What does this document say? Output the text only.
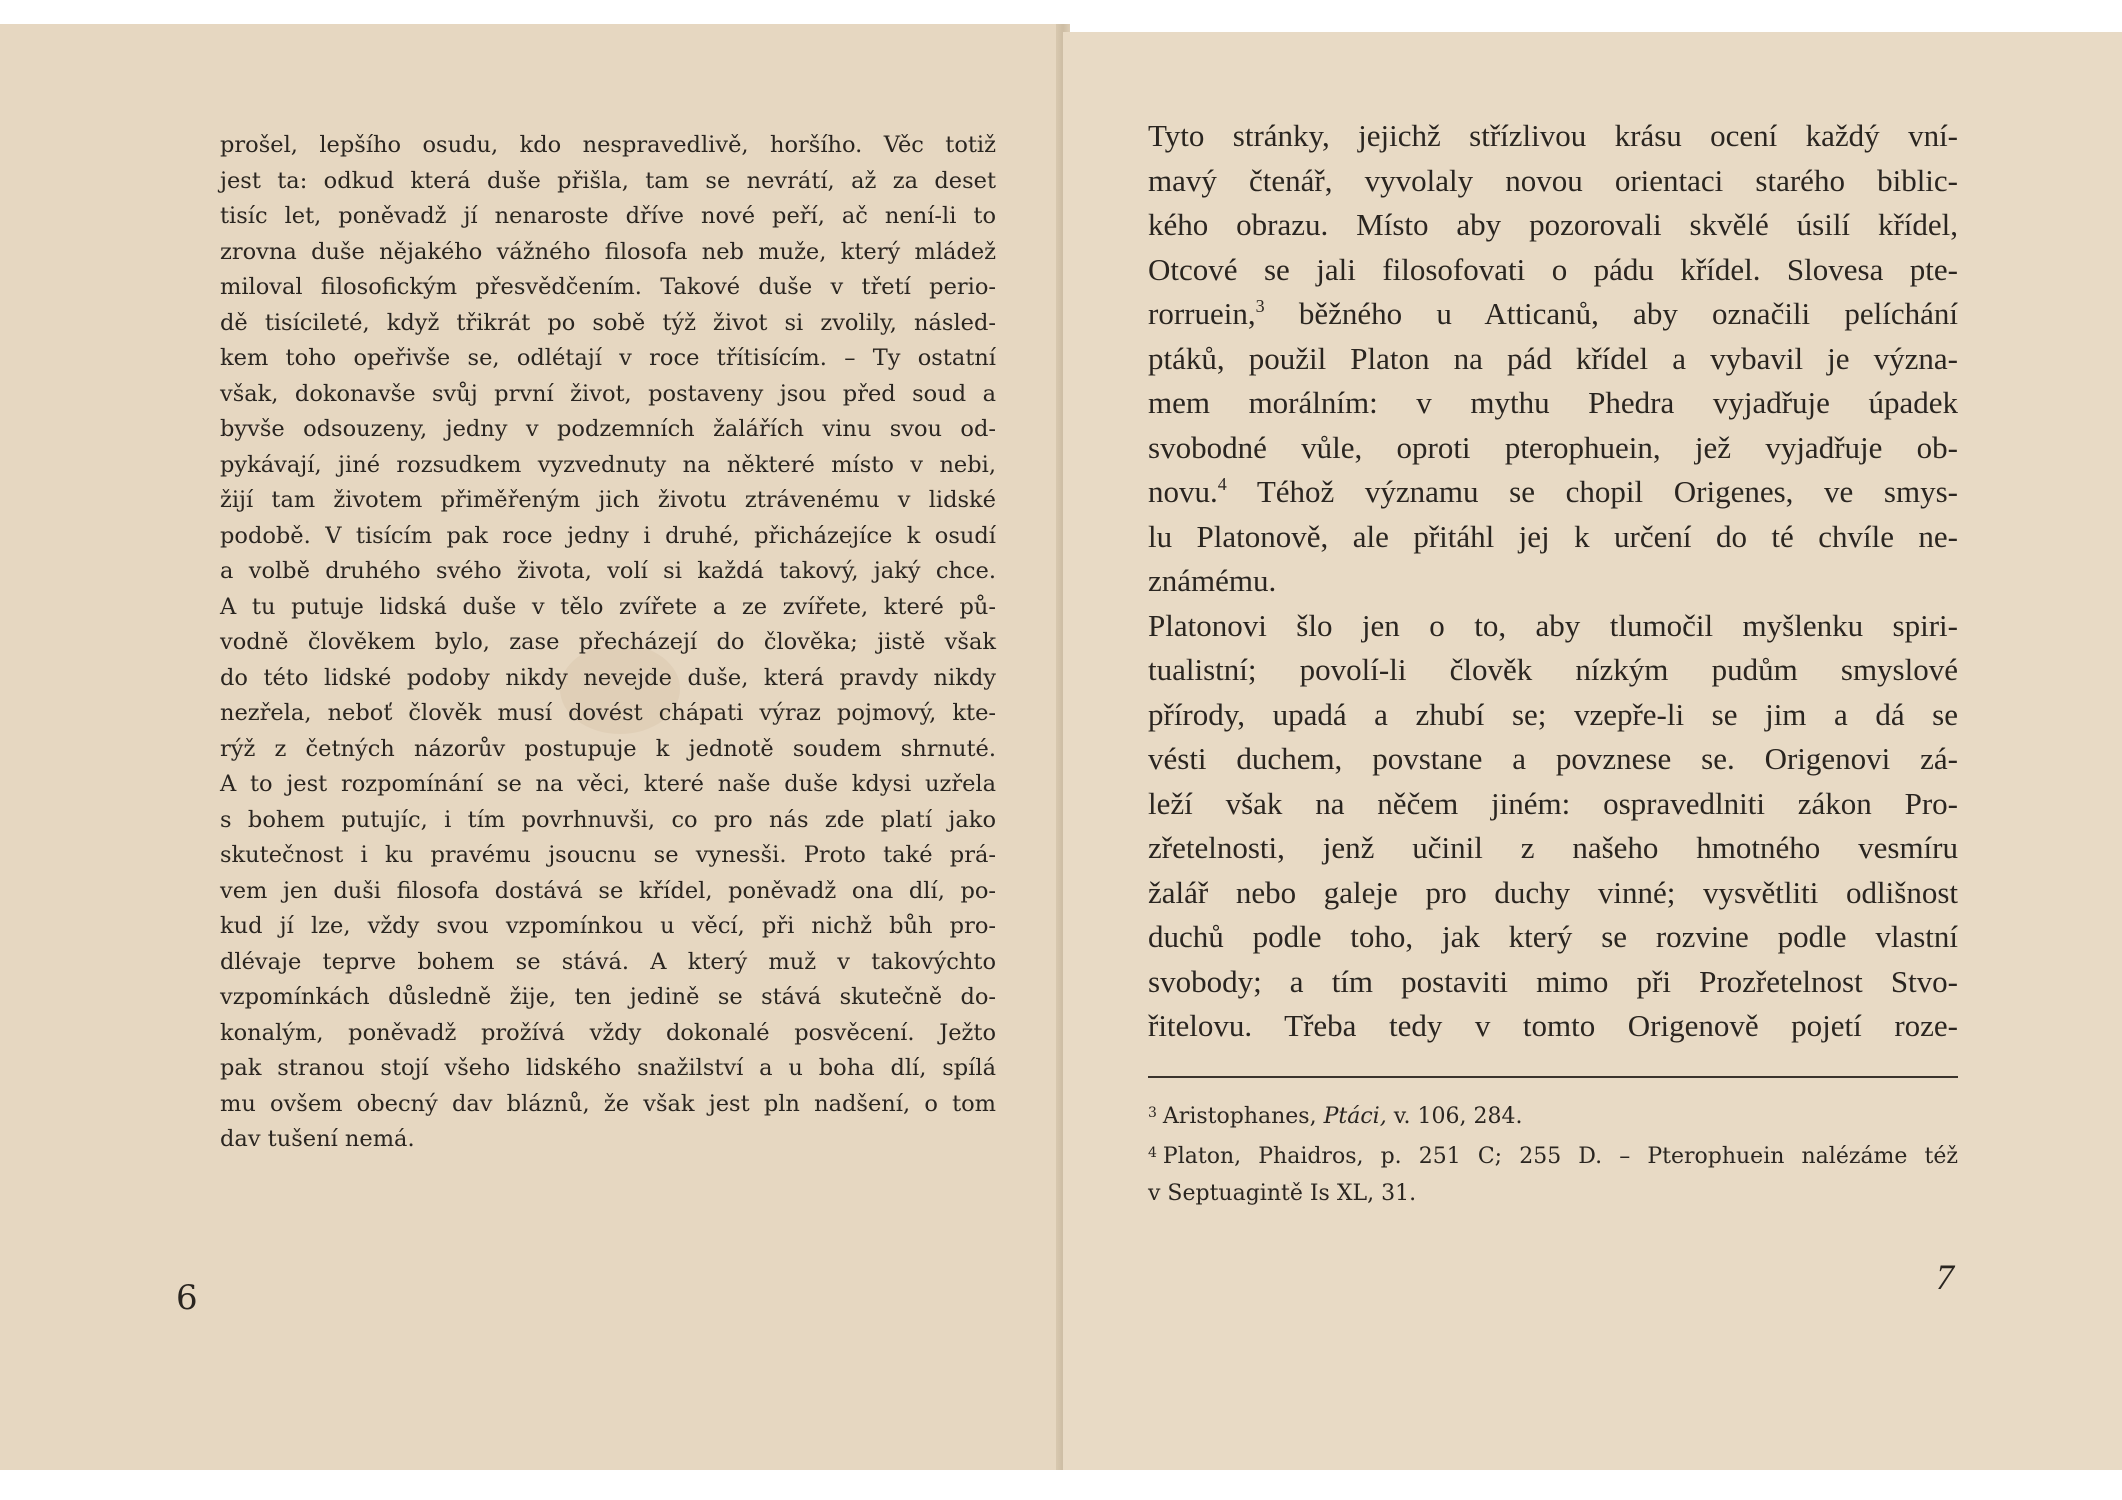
prošel, lepšího osudu, kdo nespravedlivě, horšího. Věc totiž
jest ta: odkud která duše přišla, tam se nevrátí, až za deset
tisíc let, poněvadž jí nenaroste dříve nové peří, ač není-li to
zrovna duše nějakého vážného filosofa neb muže, který mládež
miloval filosofickým přesvědčením. Takové duše v třetí perio-
dě tisícileté, když třikrát po sobě týž život si zvolily, násled-
kem toho opeřivše se, odlétají v roce třítisícím. – Ty ostatní
však, dokonavše svůj první život, postaveny jsou před soud a
byvše odsouzeny, jedny v podzemních žalářích vinu svou od-
pykávají, jiné rozsudkem vyzvednuty na některé místo v nebi,
žijí tam životem přiměřeným jich životu ztrávenému v lidské
podobě. V tisícím pak roce jedny i druhé, přicházejíce k osudí
a volbě druhého svého života, volí si každá takový, jaký chce.
A tu putuje lidská duše v tělo zvířete a ze zvířete, které pů-
vodně člověkem bylo, zase přecházejí do člověka; jistě však
do této lidské podoby nikdy nevejde duše, která pravdy nikdy
nezřela, neboť člověk musí dovést chápati výraz pojmový, kte-
rýž z četných názorův postupuje k jednotě soudem shrnuté.
A to jest rozpomínání se na věci, které naše duše kdysi uzřela
s bohem putujíc, i tím povrhnuvši, co pro nás zde platí jako
skutečnost i ku pravému jsoucnu se vynesši. Proto také prá-
vem jen duši filosofa dostává se křídel, poněvadž ona dlí, po-
kud jí lze, vždy svou vzpomínkou u věcí, při nichž bůh pro-
dlévaje teprve bohem se stává. A který muž v takovýchto
vzpomínkách důsledně žije, ten jedině se stává skutečně do-
konalým, poněvadž prožívá vždy dokonalé posvěcení. Ježto
pak stranou stojí všeho lidského snažilství a u boha dlí, spílá
mu ovšem obecný dav bláznů, že však jest pln nadšení, o tom
dav tušení nemá.
6
Tyto stránky, jejichž střízlivou krásu ocení každý vní-
mavý čtenář, vyvolaly novou orientaci starého biblic-
kého obrazu. Místo aby pozorovali skvělé úsilí křídel,
Otcové se jali filosofovati o pádu křídel. Slovesa pte-
rorruein,$^3$ běžného u Atticanů, aby označili pelíchání
ptáků, použil Platon na pád křídel a vybavil je význa-
mem morálním: v mythu Phedra vyjadřuje úpadek
svobodné vůle, oproti pterophuein, jež vyjadřuje ob-
novu.$^4$ Téhož významu se chopil Origenes, ve smys-
lu Platonově, ale přitáhl jej k určení do té chvíle ne-
známému.
Platonovi šlo jen o to, aby tlumočil myšlenku spiri-
tualistní; povolí-li člověk nízkým pudům smyslové
přírody, upadá a zhubí se; vzepře-li se jim a dá se
vésti duchem, povstane a povznese se. Origenovi zá-
leží však na něčem jiném: ospravedlniti zákon Pro-
zřetelnosti, jenž učinil z našeho hmotného vesmíru
žalář nebo galeje pro duchy vinné; vysvětliti odlišnost
duchů podle toho, jak který se rozvine podle vlastní
svobody; a tím postaviti mimo při Prozřetelnost Stvo-
řitelovu. Třeba tedy v tomto Origenově pojetí roze-
$^3$ Aristophanes, Ptáci, v. 106, 284.
$^4$ Platon, Phaidros, p. 251 C; 255 D. – Pterophuein nalézáme též
v Septuagintě Is XL, 31.
7
